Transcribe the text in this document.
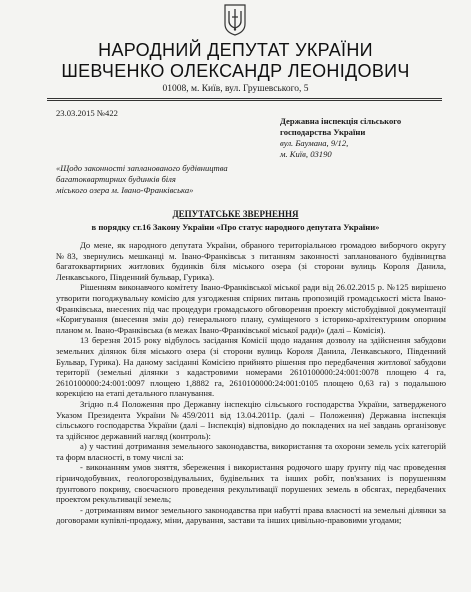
НАРОДНИЙ ДЕПУТАТ УКРАЇНИ
ШЕВЧЕНКО ОЛЕКСАНДР ЛЕОНІДОВИЧ
01008, м. Київ, вул. Грушевського, 5
23.03.2015 №422
Державна інспекція сільського
господарства України
вул. Баумана, 9/12,
м. Київ, 03190
«Щодо законності запланованого будівництва
багатоквартирних будинків біля
міського озера м. Івано-Франківська»
ДЕПУТАТСЬКЕ ЗВЕРНЕННЯ
в порядку ст.16 Закону України «Про статус народного депутата України»

До мене, як народного депутата України, обраного територіальною громадою виборчого округу №83, звернулись мешканці м. Івано-Франківськ з питанням законності запланованого будівництва багатоквартирних житлових будинків біля міського озера (зі сторони вулиць Короля Данила, Ленкавського, Південний бульвар, Гурика).

Рішенням виконавчого комітету Івано-Франківської міської ради від 26.02.2015 р. №125 вирішено утворити погоджувальну комісію для узгодження спірних питань пропозицій громадськості міста Івано-Франківська, внесених під час процедури громадського обговорення проекту містобудівної документації «Коригування (внесення змін до) генерального плану, суміщеного з історико-архітектурним опорним планом м. Івано-Франківська (в межах Івано-Франківської міської ради)» (далі – Комісія).

13 березня 2015 року відбулось засідання Комісії щодо надання дозволу на здійснення забудови земельних ділянок біля міського озера (зі сторони вулиць Короля Данила, Ленкавського, Південний Бульвар, Гурика). На даному засіданні Комісією прийнято рішення про передбачення житлової забудови території (земельні ділянки з кадастровими номерами 2610100000:24:001:0078 площею 4 га, 2610100000:24:001:0097 площею 1,8882 га, 2610100000:24:001:0105 площею 0,63 га) з подальшою корекцією на етапі детального планування.

Згідно п.4 Положення про Державну інспекцію сільського господарства України, затвердженого Указом Президента України №459/2011 від 13.04.2011р. (далі – Положення) Державна інспекція сільського господарства України (далі – Інспекція) відповідно до покладених на неї завдань організовує та здійснює державний нагляд (контроль):

а) у частині дотримання земельного законодавства, використання та охорони земель усіх категорій та форм власності, в тому числі за:

- виконанням умов зняття, збереження і використання родючого шару ґрунту під час проведення гірничодобувних, геологорозвідувальних, будівельних та інших робіт, пов'язаних із порушенням ґрунтового покриву, своєчасного проведення рекультивації порушених земель в обсягах, передбачених проектом рекультивації земель;

- дотриманням вимог земельного законодавства при набутті права власності на земельні ділянки за договорами купівлі-продажу, міни, дарування, застави та інших цивільно-правовими угодами;
